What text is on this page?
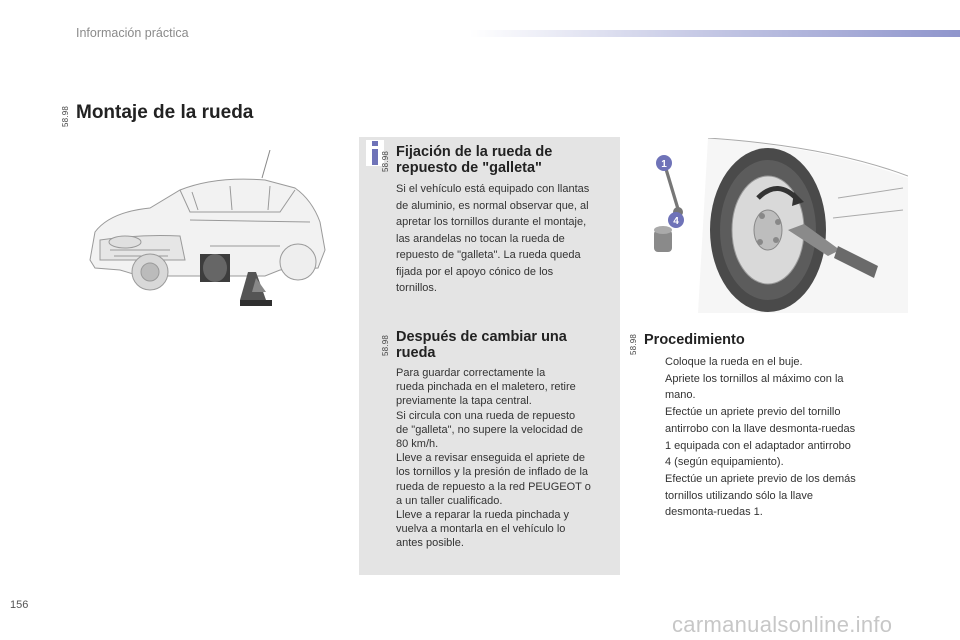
Información práctica
58.98 Montaje de la rueda
58.98 Fijación de la rueda de
repuesto de "galleta"
Si el vehículo está equipado con llantas
de aluminio, es normal observar que, al
apretar los tornillos durante el montaje,
las arandelas no tocan la rueda de
repuesto de "galleta". La rueda queda
fijada por el apoyo cónico de los
tornillos.
58.98 Después de cambiar una
rueda
Para guardar correctamente la
rueda pinchada en el maletero, retire
previamente la tapa central.
Si circula con una rueda de repuesto
de "galleta", no supere la velocidad de
80 km/h.
Lleve a revisar enseguida el apriete de
los tornillos y la presión de inflado de la
rueda de repuesto a la red PEUGEOT o
a un taller cualificado.
Lleve a reparar la rueda pinchada y
vuelva a montarla en el vehículo lo
antes posible.
1
4
58.98 Procedimiento
Coloque la rueda en el buje.
Apriete los tornillos al máximo con la
mano.
Efectúe un apriete previo del tornillo
antirrobo con la llave desmonta-ruedas
1 equipada con el adaptador antirrobo
4 (según equipamiento).
Efectúe un apriete previo de los demás
tornillos utilizando sólo la llave
desmonta-ruedas 1.
156
carmanualsonline.info
